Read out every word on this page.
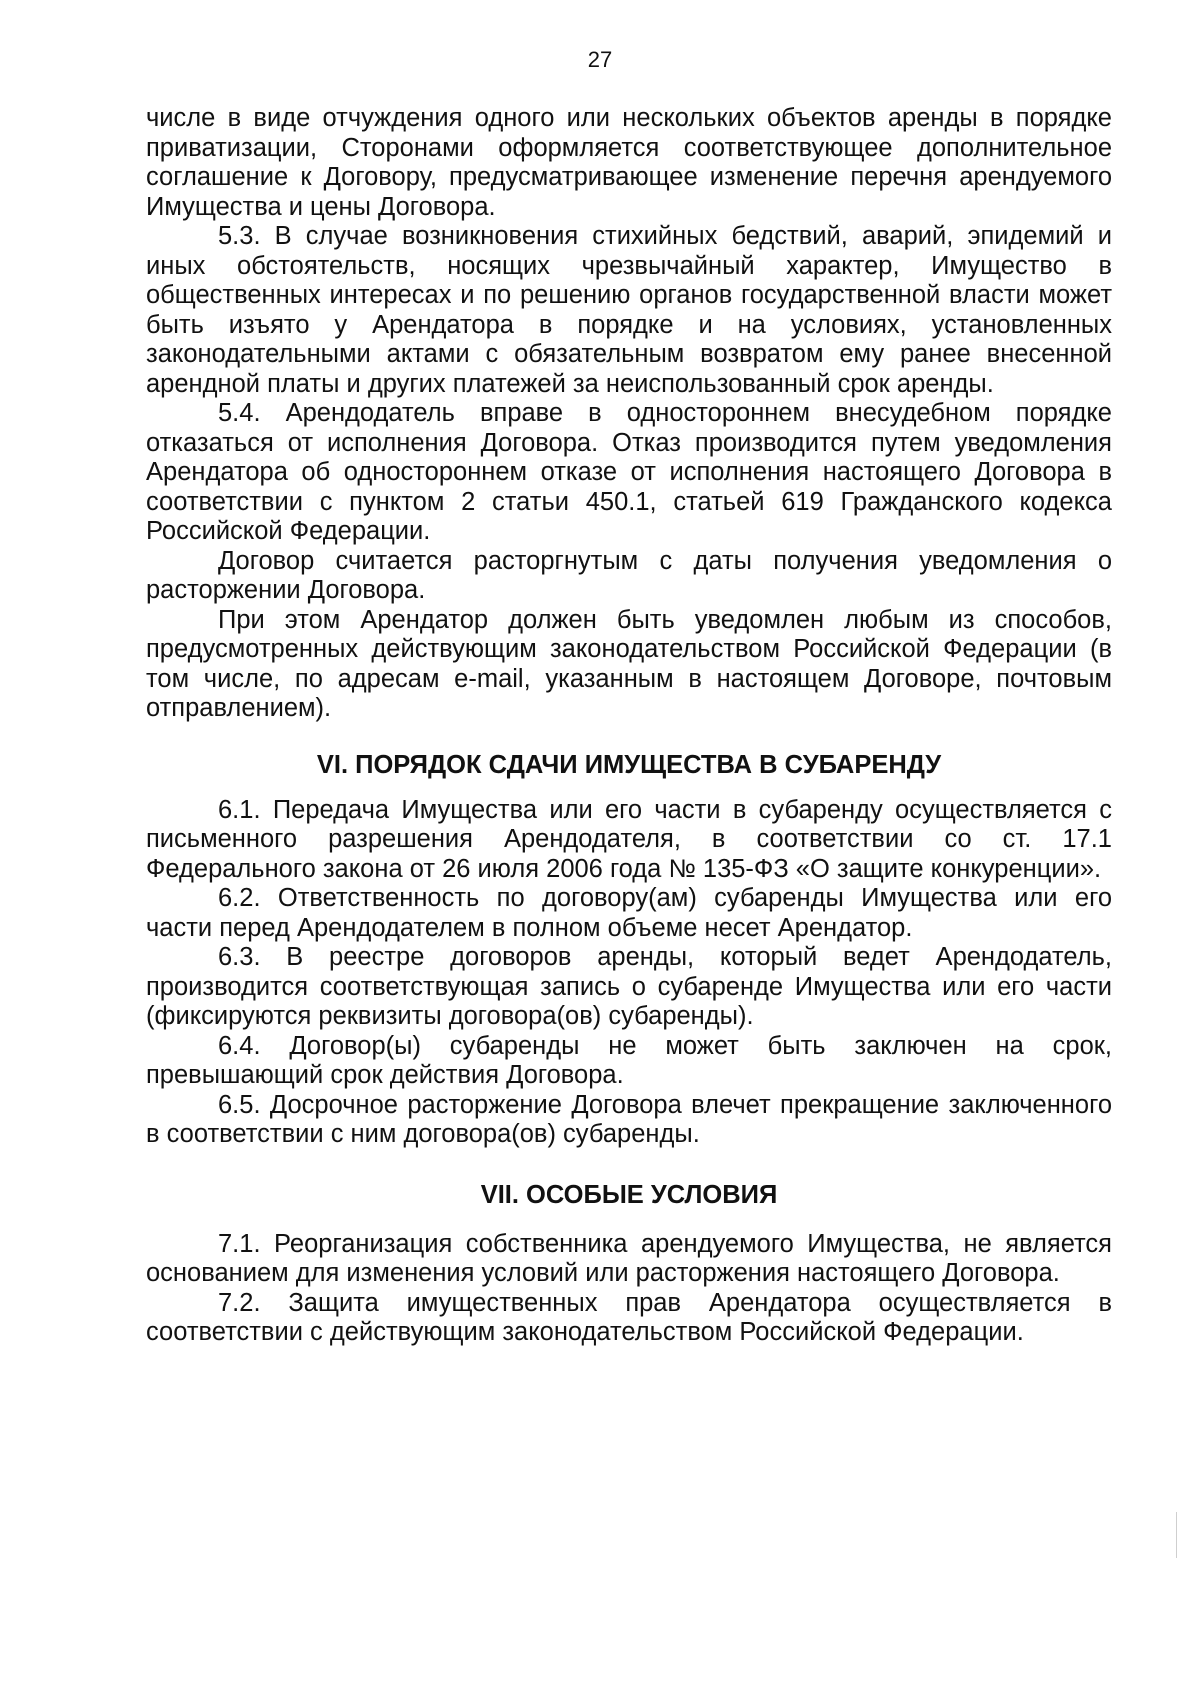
27

числе в виде отчуждения одного или нескольких объектов аренды в порядке приватизации, Сторонами оформляется соответствующее дополнительное соглашение к Договору, предусматривающее изменение перечня арендуемого Имущества и цены Договора.

5.3. В случае возникновения стихийных бедствий, аварий, эпидемий и иных обстоятельств, носящих чрезвычайный характер, Имущество в общественных интересах и по решению органов государственной власти может быть изъято у Арендатора в порядке и на условиях, установленных законодательными актами с обязательным возвратом ему ранее внесенной арендной платы и других платежей за неиспользованный срок аренды.

5.4. Арендодатель вправе в одностороннем внесудебном порядке отказаться от исполнения Договора. Отказ производится путем уведомления Арендатора об одностороннем отказе от исполнения настоящего Договора в соответствии с пунктом 2 статьи 450.1, статьей 619 Гражданского кодекса Российской Федерации.

Договор считается расторгнутым с даты получения уведомления о расторжении Договора.

При этом Арендатор должен быть уведомлен любым из способов, предусмотренных действующим законодательством Российской Федерации (в том числе, по адресам e-mail, указанным в настоящем Договоре, почтовым отправлением).

VI. ПОРЯДОК СДАЧИ ИМУЩЕСТВА В СУБАРЕНДУ

6.1. Передача Имущества или его части в субаренду осуществляется с письменного разрешения Арендодателя, в соответствии со ст. 17.1 Федерального закона от 26 июля 2006 года № 135-ФЗ «О защите конкуренции».

6.2. Ответственность по договору(ам) субаренды Имущества или его части перед Арендодателем в полном объеме несет Арендатор.

6.3. В реестре договоров аренды, который ведет Арендодатель, производится соответствующая запись о субаренде Имущества или его части (фиксируются реквизиты договора(ов) субаренды).

6.4. Договор(ы) субаренды не может быть заключен на срок, превышающий срок действия Договора.

6.5. Досрочное расторжение Договора влечет прекращение заключенного в соответствии с ним договора(ов) субаренды.

VII. ОСОБЫЕ УСЛОВИЯ

7.1. Реорганизация собственника арендуемого Имущества, не является основанием для изменения условий или расторжения настоящего Договора.

7.2. Защита имущественных прав Арендатора осуществляется в соответствии с действующим законодательством Российской Федерации.
